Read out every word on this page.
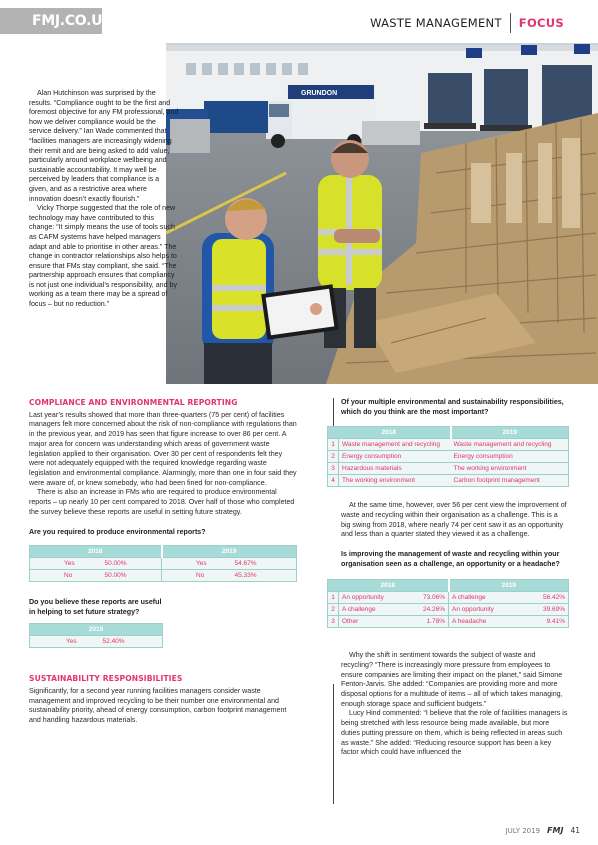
FMJ.CO.UK	WASTE MANAGEMENT FOCUS
GRUNDON

Alan Hutchinson was surprised by the results. “Compliance ought to be the first and foremost objective for any FM professional, and how we deliver compliance would be the service delivery.” Ian Wade commented that “facilities managers are increasingly widening their remit and are being asked to add value, particularly around workplace wellbeing and sustainable accountability. It may well be perceived by leaders that compliance is a given, and as a restrictive area where innovation doesn’t exactly flourish.”

Vicky Thorpe suggested that the role of new technology may have contributed to this change: “It simply means the use of tools such as CAFM systems have helped managers adapt and able to prioritise in other areas.” The change in contractor relationships also helps to ensure that FMs stay compliant, she said. “The partnership approach ensures that compliancy is not just one individual’s responsibility, and by working as a team there may be a spread of focus – but no reduction.”

COMPLIANCE AND ENVIRONMENTAL REPORTING

Last year’s results showed that more than three-quarters (75 per cent) of facilities managers felt more concerned about the risk of non-compliance with regulations than in the previous year, and 2019 has seen that figure increase to over 86 per cent. A major area for concern was understanding which areas of government waste legislation applied to their organisation. Over 30 per cent of respondents felt they were not adequately equipped with the required knowledge regarding waste legislation and environmental compliance. Alarmingly, more than one in four said they were aware of, or knew somebody, who had been fined for non-compliance.

There is also an increase in FMs who are required to produce environmental reports – up nearly 10 per cent compared to 2018. Over half of those who completed the survey believe these reports are useful in setting future strategy.

Are you required to produce environmental reports?

2018		2019	
Yes	50.00%	Yes	54.67%
No	50.00%	No	45.33%

Do you believe these reports are useful in helping to set future strategy?

2019
Yes	52.40%
SUSTAINABILITY RESPONSIBILITIES

Significantly, for a second year running facilities managers consider waste management and improved recycling to be their number one environmental and sustainability priority, ahead of energy consumption, carbon footprint management and handling hazardous materials.

Of your multiple environmental and sustainability responsibilities, which do you think are the most important?

2018		2019
1	Waste management and recycling	Waste management and recycling
2	Energy consumption	Energy consumption
3	Hazardous materials	The working environment
4	The working environment	Carbon footprint management

At the same time, however, over 56 per cent view the improvement of waste and recycling within their organisation as a challenge. This is a big swing from 2018, where nearly 74 per cent saw it as an opportunity and less than a quarter stated they viewed it as a challenge.

Is improving the management of waste and recycling within your organisation seen as a challenge, an opportunity or a headache?

2018			2019	
1	An opportunity	73.06%	A challenge	56.42%
2	A challenge	24.26%	An opportunity	39.69%
3	Other	1.78%	A headache	9.41%

Why the shift in sentiment towards the subject of waste and recycling? “There is increasingly more pressure from employees to ensure companies are limiting their impact on the planet,” said Simone Fenton-Jarvis. She added: “Companies are providing more and more disposal options for a multitude of items – all of which takes managing, enough storage space and sufficient budgets.”

Lucy Hind commented: “I believe that the role of facilities managers is being stretched with less resource being made available, but more duties putting pressure on them, which is being reflected in areas such as waste.” She added: “Reducing resource support has been a key factor which could have influenced the

JULY 2019 FMJ 41
